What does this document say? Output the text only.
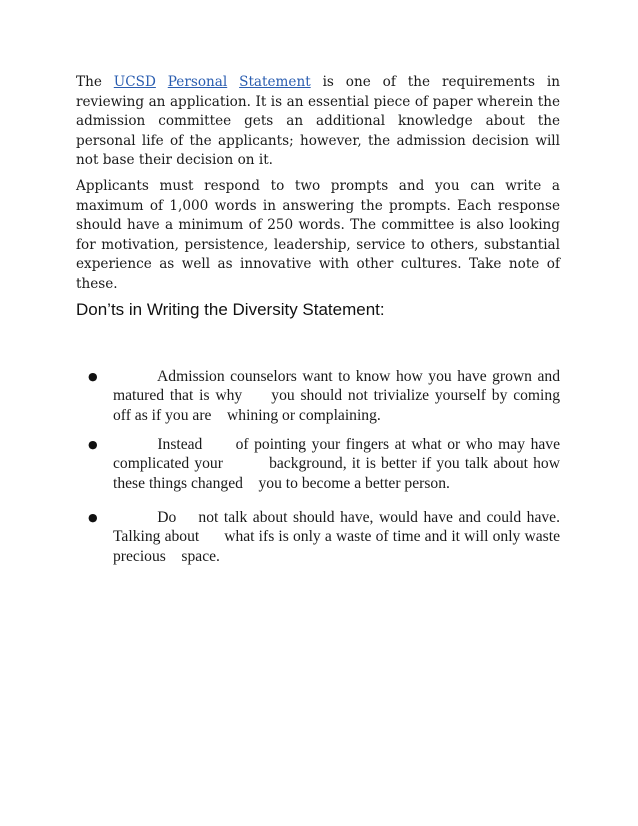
The UCSD Personal Statement is one of the requirements in reviewing an application. It is an essential piece of paper wherein the admission committee gets an additional knowledge about the personal life of the applicants; however, the admission decision will not base their decision on it.

Applicants must respond to two prompts and you can write a maximum of 1,000 words in answering the prompts. Each response should have a minimum of 250 words. The committee is also looking for motivation, persistence, leadership, service to others, substantial experience as well as innovative with other cultures. Take note of these.

Don’ts in Writing the Diversity Statement:
● Admission counselors want to know how you have grown and
matured that is why     you should not trivialize yourself by coming
off as if you are    whining or complaining.

● Instead      of pointing your fingers at what or who may have
complicated your         background, it is better if you talk about how
these things changed    you to become a better person.

● Do    not talk about should have, would have and could have.
Talking about      what ifs is only a waste of time and it will only waste
precious    space.
